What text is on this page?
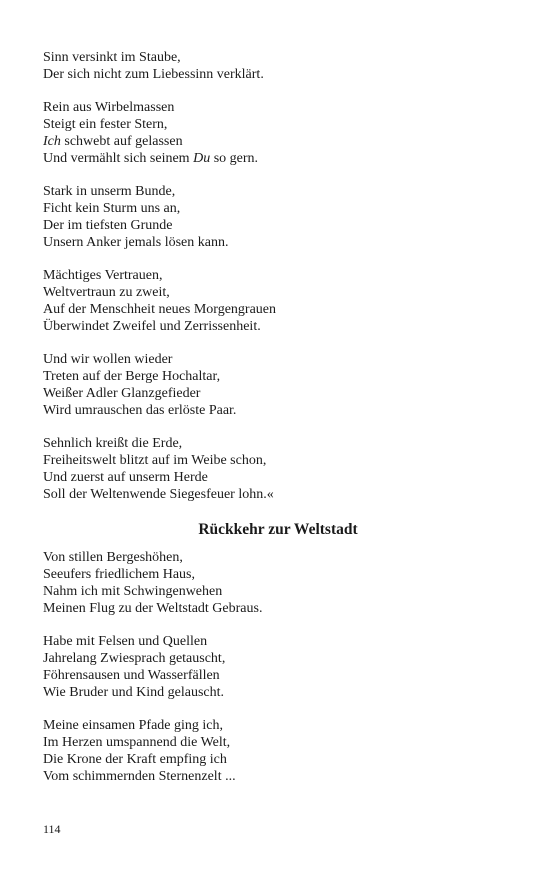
Sinn versinkt im Staube,
Der sich nicht zum Liebessinn verklärt.
Rein aus Wirbelmassen
Steigt ein fester Stern,
Ich schwebt auf gelassen
Und vermählt sich seinem Du so gern.
Stark in unserm Bunde,
Ficht kein Sturm uns an,
Der im tiefsten Grunde
Unsern Anker jemals lösen kann.
Mächtiges Vertrauen,
Weltvertraun zu zweit,
Auf der Menschheit neues Morgengrauen
Überwindet Zweifel und Zerrissenheit.
Und wir wollen wieder
Treten auf der Berge Hochaltar,
Weißer Adler Glanzgefieder
Wird umrauschen das erlöste Paar.
Sehnlich kreißt die Erde,
Freiheitswelt blitzt auf im Weibe schon,
Und zuerst auf unserm Herde
Soll der Weltenwende Siegesfeuer lohn.«
Rückkehr zur Weltstadt
Von stillen Bergeshöhen,
Seeufers friedlichem Haus,
Nahm ich mit Schwingenwehen
Meinen Flug zu der Weltstadt Gebraus.
Habe mit Felsen und Quellen
Jahrelang Zwiesprach getauscht,
Föhrensausen und Wasserfällen
Wie Bruder und Kind gelauscht.
Meine einsamen Pfade ging ich,
Im Herzen umspannend die Welt,
Die Krone der Kraft empfing ich
Vom schimmernden Sternenzelt ...
114
